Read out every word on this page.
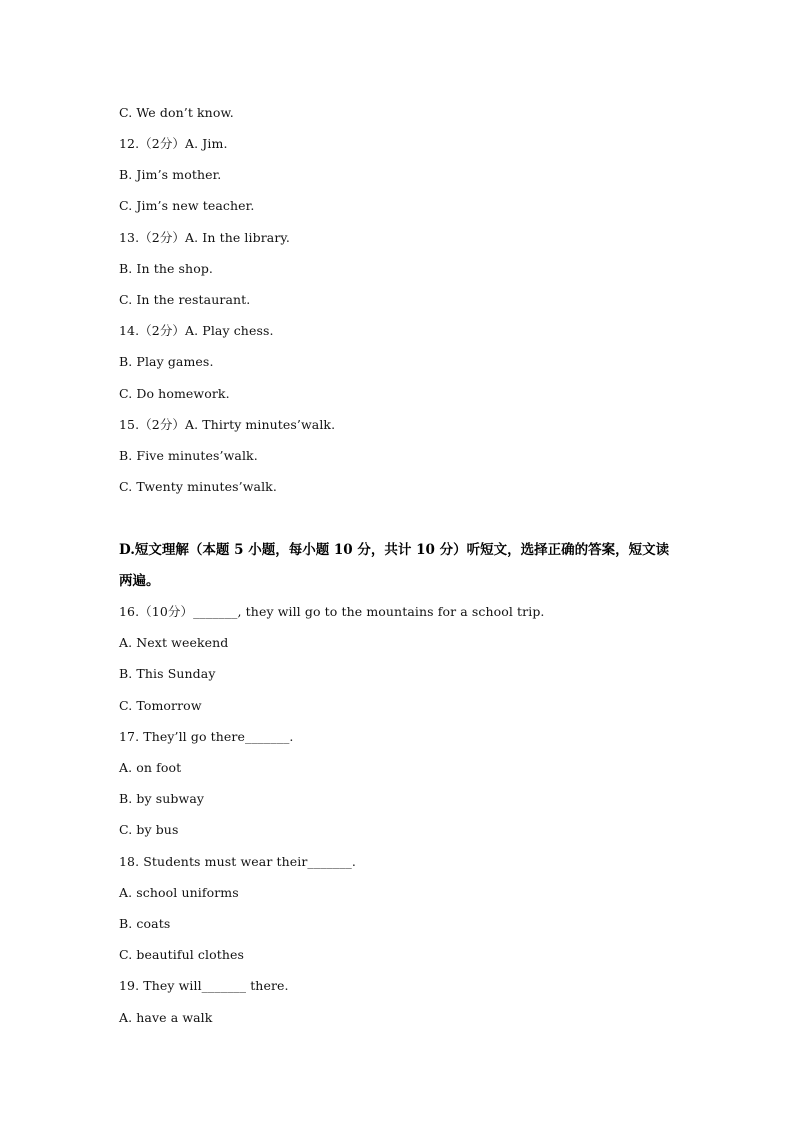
C. We don’t know.
12.（2分）A. Jim.
B. Jim’s mother.
C. Jim’s new teacher.
13.（2分）A. In the library.
B. In the shop.
C. In the restaurant.
14.（2分）A. Play chess.
B. Play games.
C. Do homework.
15.（2分）A. Thirty minutes’walk.
B. Five minutes’walk.
C. Twenty minutes’walk.
D.短文理解（本题 5 小题，每小题 10 分，共计 10 分）听短文，选择正确的答案，短文读
两遍。
16.（10分）_______, they will go to the mountains for a school trip.
A. Next weekend
B. This Sunday
C. Tomorrow
17. They’ll go there_______.
A. on foot
B. by subway
C. by bus
18. Students must wear their_______.
A. school uniforms
B. coats
C. beautiful clothes
19. They will_______ there.
A. have a walk
